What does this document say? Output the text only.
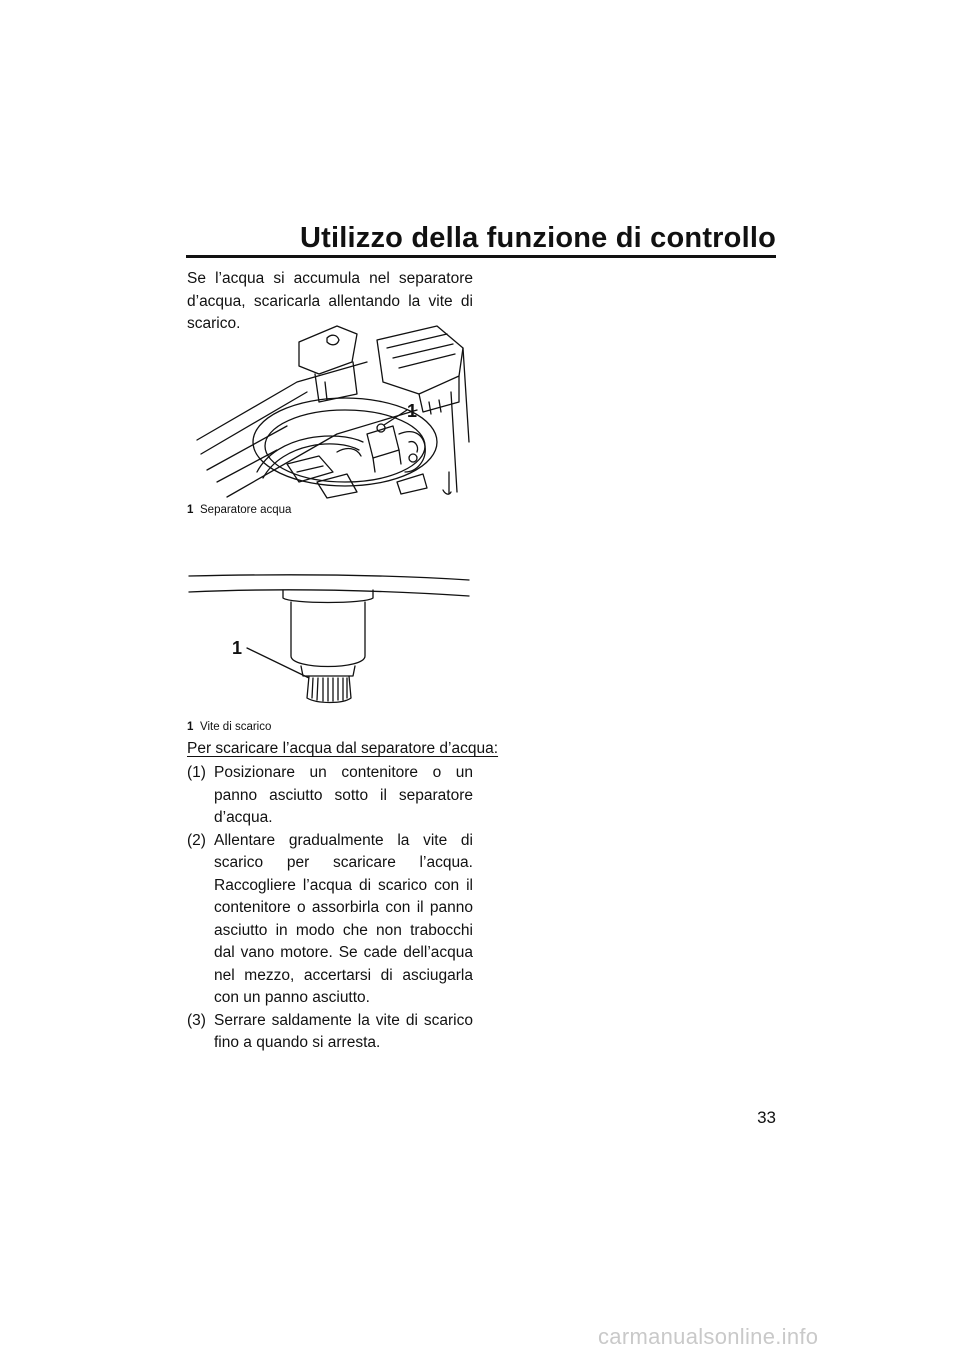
Utilizzo della funzione di controllo
Se l’acqua si accumula nel separatore d’acqua, scaricarla allentando la vite di scarico.
1
1 Separatore acqua
1
1 Vite di scarico
Per scaricare l’acqua dal separatore d’acqua:
(1) Posizionare un contenitore o un panno asciutto sotto il separatore d’acqua.
(2) Allentare gradualmente la vite di scarico per scaricare l’acqua. Raccogliere l’acqua di scarico con il contenitore o assorbirla con il panno asciutto in modo che non trabocchi dal vano motore. Se cade dell’acqua nel mezzo, accertarsi di asciugarla con un panno asciutto.
(3) Serrare saldamente la vite di scarico fino a quando si arresta.
33
carmanualsonline.info
